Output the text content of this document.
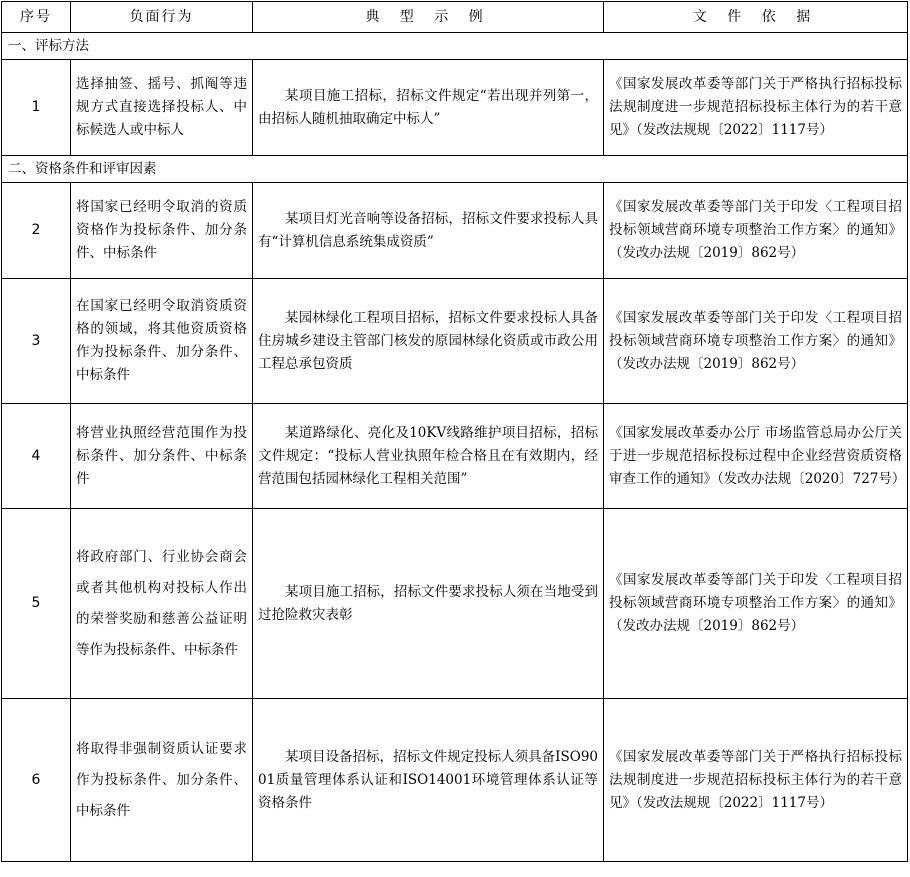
序号	负面行为	典 型 示 例	文 件 依 据
一、评标方法			
1	选择抽签、摇号、抓阄等违规方式直接选择投标人、中标候选人或中标人	某项目施工招标，招标文件规定“若出现并列第一，由招标人随机抽取确定中标人”	《国家发展改革委等部门关于严格执行招标投标法规制度进一步规范招标投标主体行为的若干意见》（发改法规规〔2022〕1117号）
二、资格条件和评审因素			
2	将国家已经明令取消的资质资格作为投标条件、加分条件、中标条件	某项目灯光音响等设备招标，招标文件要求投标人具有“计算机信息系统集成资质”	《国家发展改革委等部门关于印发〈工程项目招投标领域营商环境专项整治工作方案〉的通知》（发改办法规〔2019〕862号）
3	在国家已经明令取消资质资格的领域，将其他资质资格作为投标条件、加分条件、中标条件	某园林绿化工程项目招标，招标文件要求投标人具备住房城乡建设主管部门核发的原园林绿化资质或市政公用工程总承包资质	《国家发展改革委等部门关于印发〈工程项目招投标领域营商环境专项整治工作方案〉的通知》（发改办法规〔2019〕862号）
4	将营业执照经营范围作为投标条件、加分条件、中标条件	某道路绿化、亮化及10KV线路维护项目招标，招标文件规定：“投标人营业执照年检合格且在有效期内，经营范围包括园林绿化工程相关范围”	《国家发展改革委办公厅 市场监管总局办公厅关于进一步规范招标投标过程中企业经营资质资格审查工作的通知》（发改办法规〔2020〕727号）
5	将政府部门、行业协会商会或者其他机构对投标人作出的荣誉奖励和慈善公益证明等作为投标条件、中标条件	某项目施工招标，招标文件要求投标人须在当地受到过抢险救灾表彰	《国家发展改革委等部门关于印发〈工程项目招投标领域营商环境专项整治工作方案〉的通知》（发改办法规〔2019〕862号）
6	将取得非强制资质认证要求作为投标条件、加分条件、中标条件	某项目设备招标，招标文件规定投标人须具备ISO9001质量管理体系认证和ISO14001环境管理体系认证等资格条件	《国家发展改革委等部门关于严格执行招标投标法规制度进一步规范招标投标主体行为的若干意见》（发改法规规〔2022〕1117号）
